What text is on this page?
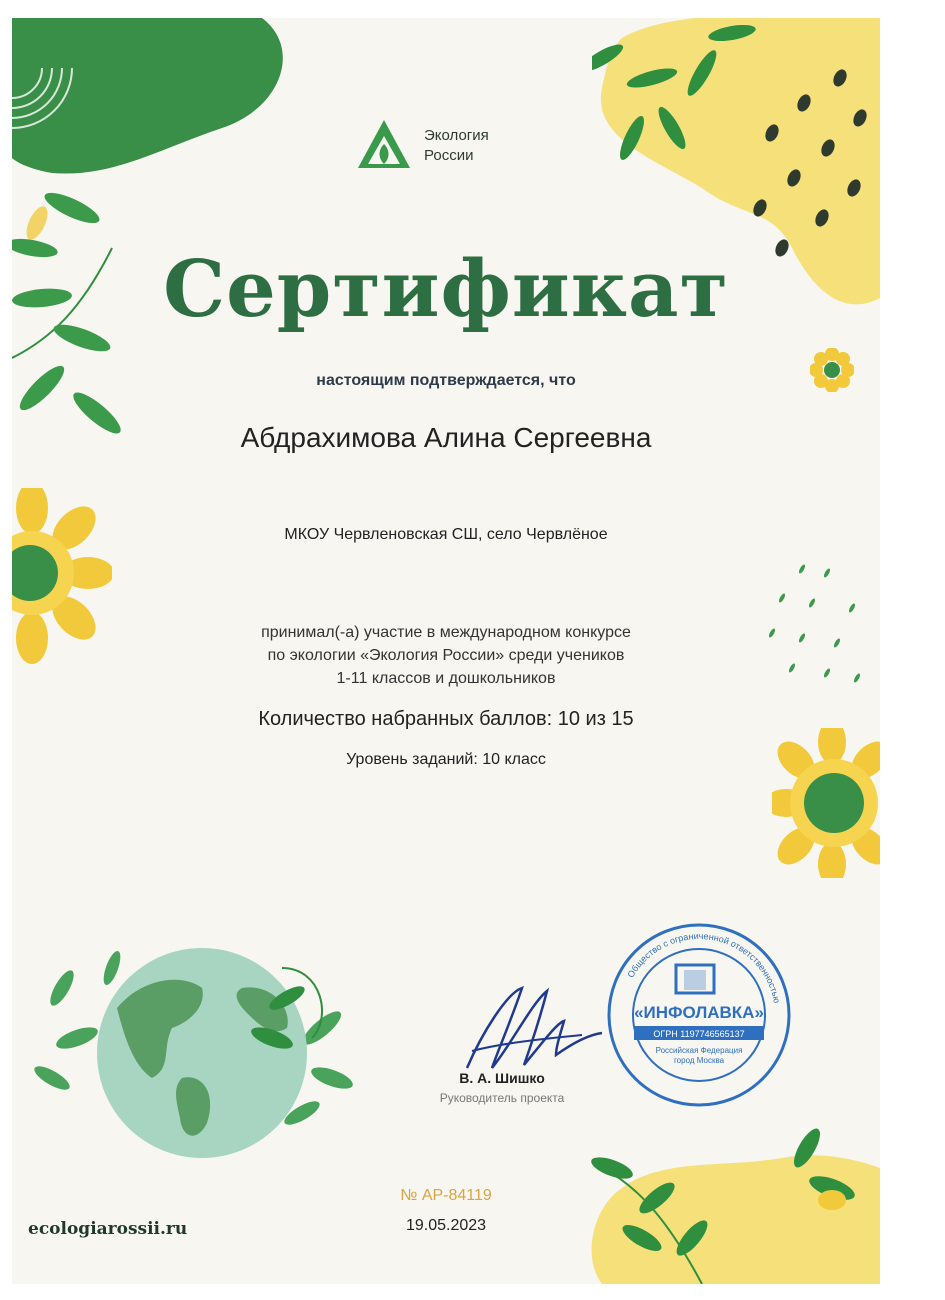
Экология
России
Сертификат
настоящим подтверждается, что
Абдрахимова Алина Сергеевна
МКОУ Червленовская СШ, село Червлёное
принимал(-а) участие в международном конкурсе
по экологии «Экология России» среди учеников
1-11 классов и дошкольников
Количество набранных баллов: 10 из 15
Уровень заданий: 10 класс
Общество с ограниченной ответственностью
«ИНФОЛАВКА»
ОГРН 1197746565137
Российская Федерация
город Москва
В. А. Шишко
Руководитель проекта
№ АР-84119
19.05.2023
ecologiarossii.ru
